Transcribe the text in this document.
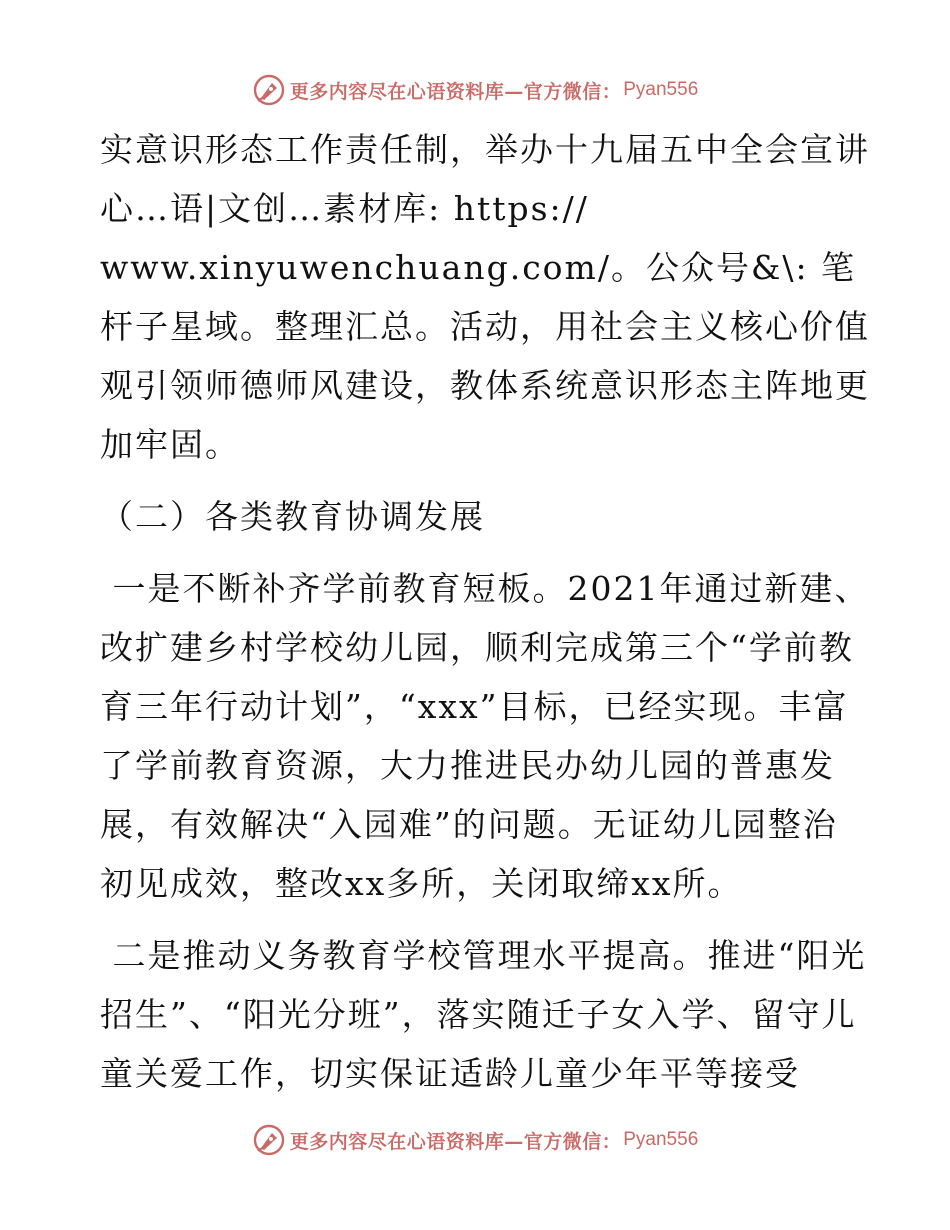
更多内容尽在心语资料库—官方微信： Pyan556

实意识形态工作责任制，举办十九届五中全会宣讲心…语|文创…素材库: https://
www.xinyuwenchuang.com/。公众号&\: 笔杆子星域。整理汇总。活动，用社会主义核心价值观引领师德师风建设，教体系统意识形态主阵地更加牢固。

（二）各类教育协调发展

一是不断补齐学前教育短板。2021年通过新建、改扩建乡村学校幼儿园，顺利完成第三个“学前教育三年行动计划”，“xxx”目标，已经实现。丰富了学前教育资源，大力推进民办幼儿园的普惠发展，有效解决“入园难”的问题。无证幼儿园整治初见成效，整改xx多所，关闭取缔xx所。

二是推动义务教育学校管理水平提高。推进“阳光招生”、“阳光分班”，落实随迁子女入学、留守儿童关爱工作，切实保证适龄儿童少年平等接受

更多内容尽在心语资料库—官方微信： Pyan556
